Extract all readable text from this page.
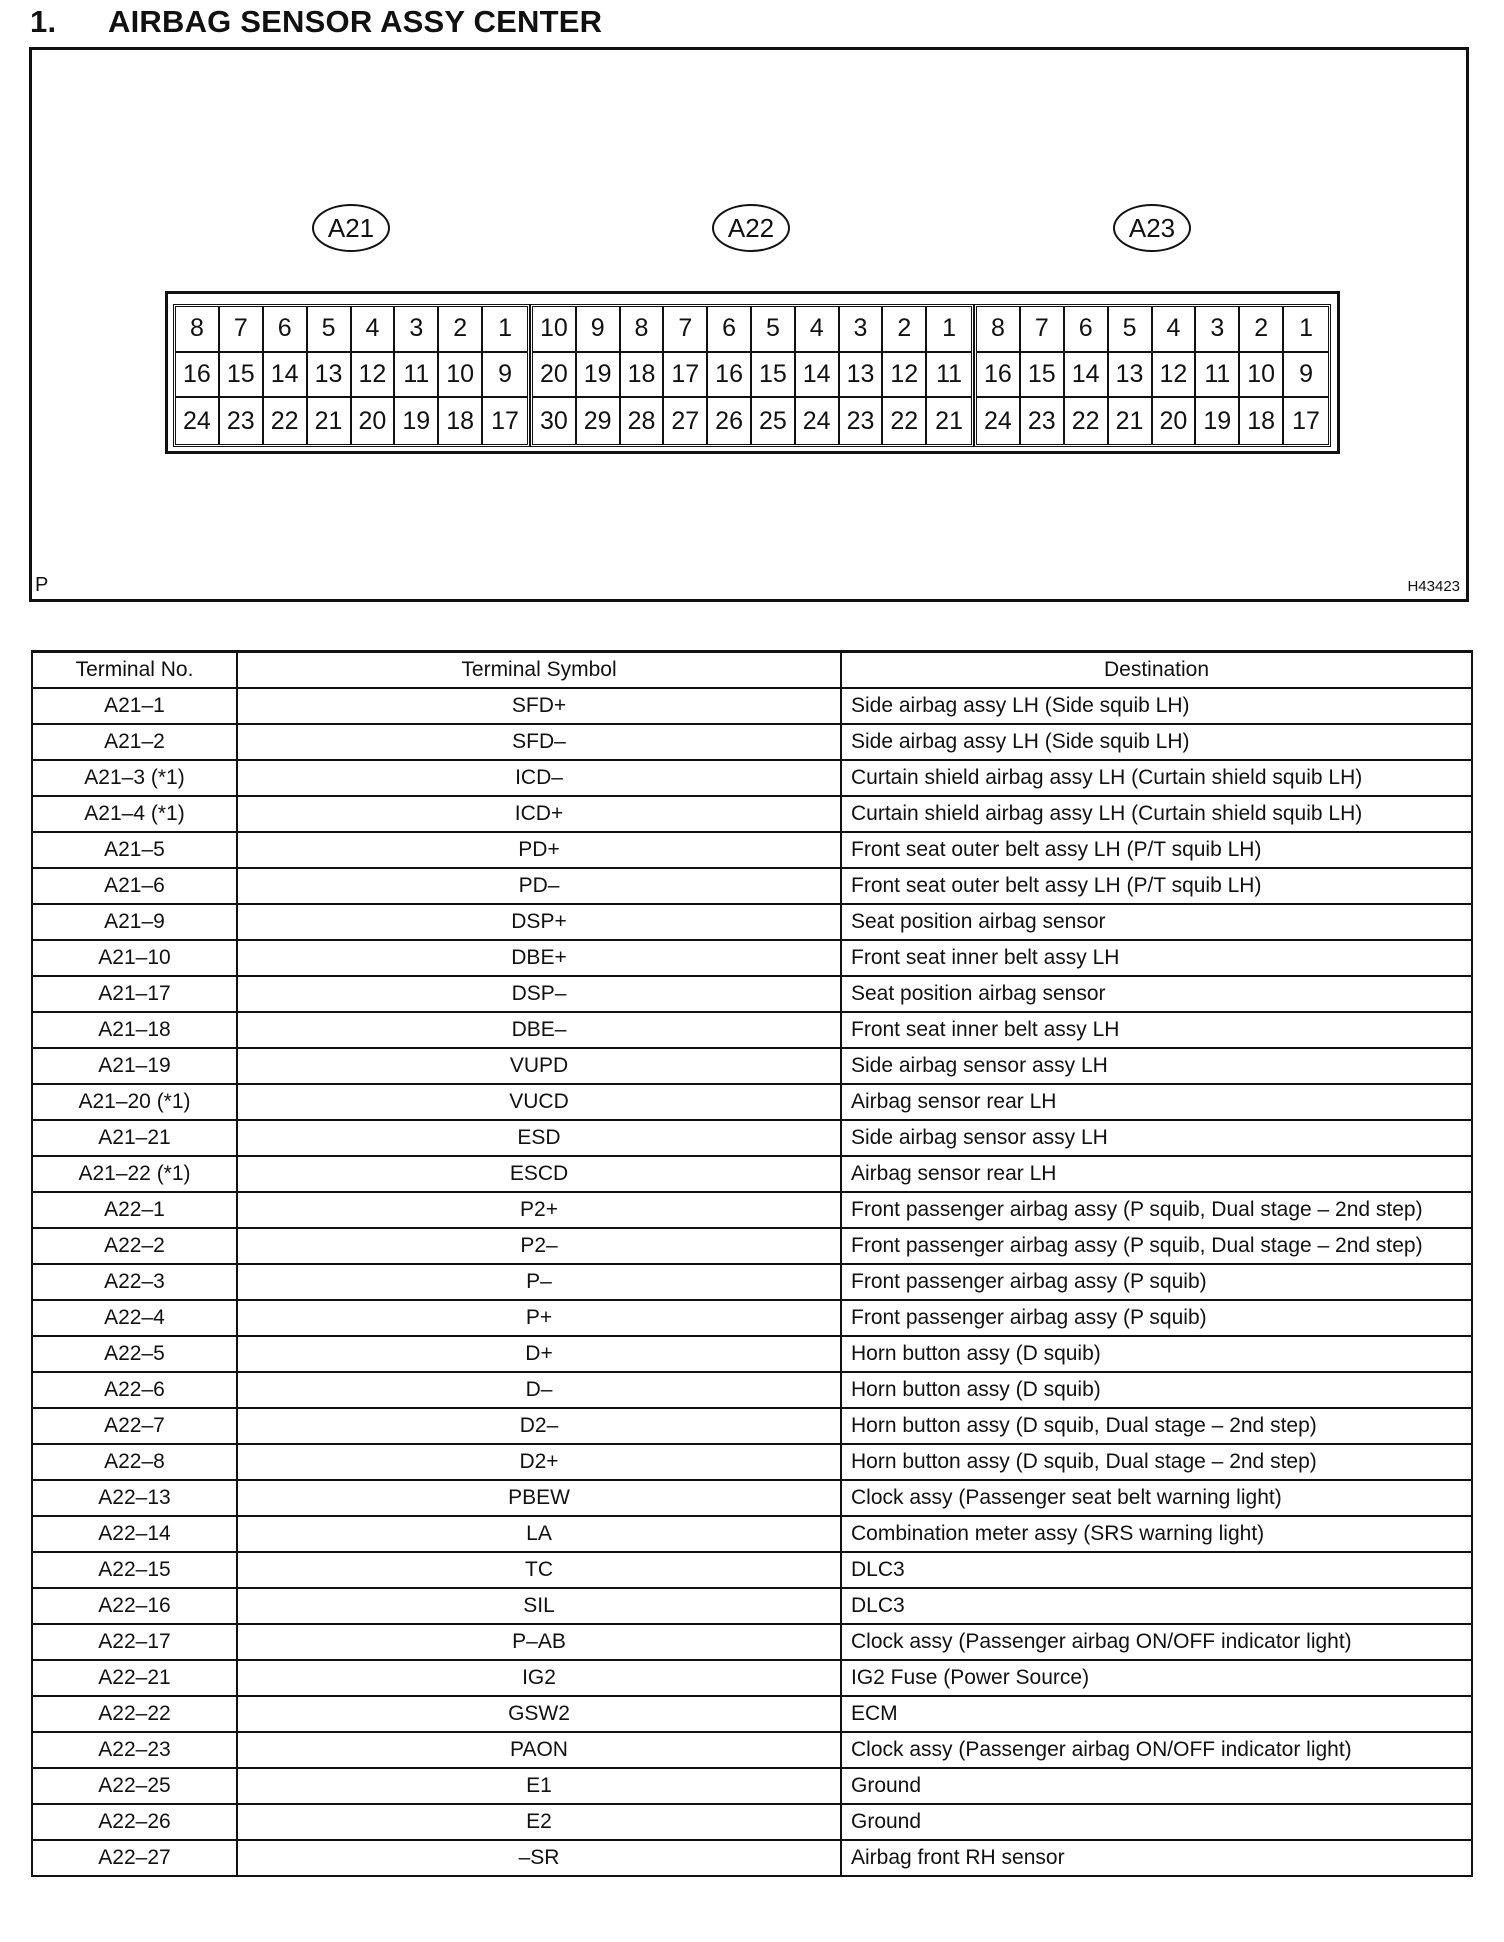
1. AIRBAG SENSOR ASSY CENTER
A21	A22	A23
8	7	6	5	4	3	2	1
16 15 14 13 12 11 10 9
24 23 22 21 20 19 18 17
10 9	8	7	6	5	4	3	2	1
20 19 18 17 16 15 14 13 12 11
30 29 28 27 26 25 24 23 22 21
8	7	6	5	4	3	2	1
16 15 14 13 12 11 10 9
24 23 22 21 20 19 18 17
P	H43423
Terminal No.	Terminal Symbol	Destination
A21–1	SFD+	Side airbag assy LH (Side squib LH)
A21–2	SFD–	Side airbag assy LH (Side squib LH)
A21–3 (*1)	ICD–	Curtain shield airbag assy LH (Curtain shield squib LH)
A21–4 (*1)	ICD+	Curtain shield airbag assy LH (Curtain shield squib LH)
A21–5	PD+	Front seat outer belt assy LH (P/T squib LH)
A21–6	PD–	Front seat outer belt assy LH (P/T squib LH)
A21–9	DSP+	Seat position airbag sensor
A21–10	DBE+	Front seat inner belt assy LH
A21–17	DSP–	Seat position airbag sensor
A21–18	DBE–	Front seat inner belt assy LH
A21–19	VUPD	Side airbag sensor assy LH
A21–20 (*1)	VUCD	Airbag sensor rear LH
A21–21	ESD	Side airbag sensor assy LH
A21–22 (*1)	ESCD	Airbag sensor rear LH
A22–1	P2+	Front passenger airbag assy (P squib, Dual stage – 2nd step)
A22–2	P2–	Front passenger airbag assy (P squib, Dual stage – 2nd step)
A22–3	P–	Front passenger airbag assy (P squib)
A22–4	P+	Front passenger airbag assy (P squib)
A22–5	D+	Horn button assy (D squib)
A22–6	D–	Horn button assy (D squib)
A22–7	D2–	Horn button assy (D squib, Dual stage – 2nd step)
A22–8	D2+	Horn button assy (D squib, Dual stage – 2nd step)
A22–13	PBEW	Clock assy (Passenger seat belt warning light)
A22–14	LA	Combination meter assy (SRS warning light)
A22–15	TC	DLC3
A22–16	SIL	DLC3
A22–17	P–AB	Clock assy (Passenger airbag ON/OFF indicator light)
A22–21	IG2	IG2 Fuse (Power Source)
A22–22	GSW2	ECM
A22–23	PAON	Clock assy (Passenger airbag ON/OFF indicator light)
A22–25	E1	Ground
A22–26	E2	Ground
A22–27	–SR	Airbag front RH sensor
